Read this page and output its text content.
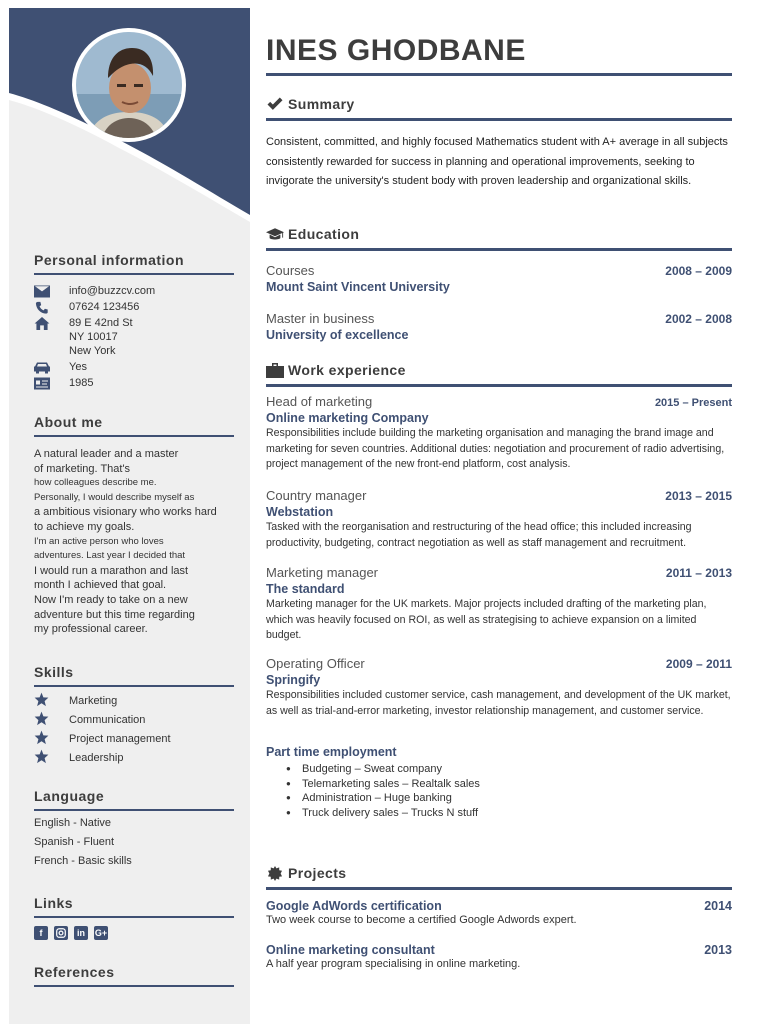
Personal information
info@buzzcv.com
07624 123456
89 E 42nd St
NY 10017
New York
Yes
1985
About me
A natural leader and a master
of marketing. That's
how colleagues describe me.
Personally, I would describe myself as
a ambitious visionary who works hard
to achieve my goals.
I'm an active person who loves
adventures. Last year I decided that
I would run a marathon and last
month I achieved that goal.
Now I'm ready to take on a new
adventure but this time regarding
my professional career.
Skills
Marketing
Communication
Project management
Leadership
Language
English - Native
Spanish - Fluent
French - Basic skills
Links
f	in	G+
References
INES GHODBANE
Summary
Consistent, committed, and highly focused Mathematics student with A+ average in all subjects consistently rewarded for success in planning and operational improvements, seeking to invigorate the university's student body with proven leadership and organizational skills.
Education
Courses	2008 – 2009
Mount Saint Vincent University
Master in business	2002 – 2008
University of excellence
Work experience
Head of marketing	2015 – Present
Online marketing Company
Responsibilities include building the marketing organisation and managing the brand image and marketing for seven countries. Additional duties: negotiation and procurement of radio advertising, project management of the new front-end platform, cost analysis.
Country manager	2013 – 2015
Webstation
Tasked with the reorganisation and restructuring of the head office; this included increasing productivity, budgeting, contract negotiation as well as staff management and recruitment.
Marketing manager	2011 – 2013
The standard
Marketing manager for the UK markets. Major projects included drafting of the marketing plan, which was heavily focused on ROI, as well as strategising to achieve expansion on a limited budget.
Operating Officer	2009 – 2011
Springify
Responsibilities included customer service, cash management, and development of the UK market, as well as trial-and-error marketing, investor relationship management, and customer service.
Part time employment
● Budgeting – Sweat company
● Telemarketing sales – Realtalk sales
● Administration – Huge banking
● Truck delivery sales – Trucks N stuff
Projects
Google AdWords certification	2014
Two week course to become a certified Google Adwords expert.
Online marketing consultant	2013
A half year program specialising in online marketing.
